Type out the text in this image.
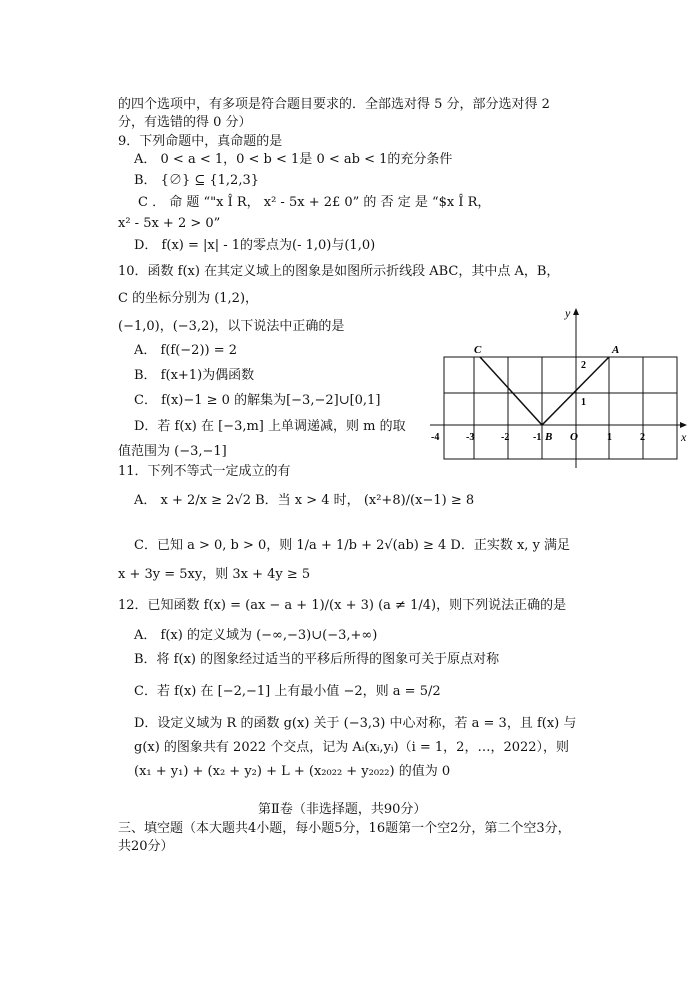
的四个选项中，有多项是符合题目要求的．全部选对得 5 分，部分选对得 2
分，有选错的得 0 分）
9．下列命题中，真命题的是
A． 0 < a < 1，0 < b < 1是 0 < ab < 1的充分条件
B． {∅} ⊆ {1,2,3}
C ． 命 题 “"x Î R， x² - 5x + 2£ 0” 的 否 定 是 “$x Î R，
x² - 5x + 2 > 0”
D． f(x) = |x| - 1的零点为(- 1,0)与(1,0)
10．函数 f(x) 在其定义域上的图象是如图所示折线段 ABC，其中点 A，B，
C 的坐标分别为 (1,2)，
(−1,0)，(−3,2)，以下说法中正确的是
A． f(f(−2)) = 2
B． f(x+1)为偶函数
C． f(x)−1 ≥ 0 的解集为[−3,−2]∪[0,1]
D．若 f(x) 在 [−3,m] 上单调递减，则 m 的取
值范围为 (−3,−1]
11．下列不等式一定成立的有
A． x + 2/x ≥ 2√2 B．当 x > 4 时， (x²+8)/(x−1) ≥ 8
C．已知 a > 0, b > 0，则 1/a + 1/b + 2√(ab) ≥ 4 D．正实数 x, y 满足
x + 3y = 5xy，则 3x + 4y ≥ 5
12．已知函数 f(x) = (ax − a + 1)/(x + 3) (a ≠ 1/4)，则下列说法正确的是
A． f(x) 的定义域为 (−∞,−3)∪(−3,+∞)
B．将 f(x) 的图象经过适当的平移后所得的图象可关于原点对称
C．若 f(x) 在 [−2,−1] 上有最小值 −2，则 a = 5/2
D．设定义域为 R 的函数 g(x) 关于 (−3,3) 中心对称，若 a = 3，且 f(x) 与
g(x) 的图象共有 2022 个交点，记为 Aᵢ(xᵢ,yᵢ)（i = 1，2，…，2022），则
(x₁ + y₁) + (x₂ + y₂) + L + (x₂₀₂₂ + y₂₀₂₂) 的值为 0
第Ⅱ卷（非选择题，共90分）
三、填空题（本大题共4小题，每小题5分，16题第一个空2分，第二个空3分，
共20分）
x
y
O
-4	-3	-2 -1	1	2
1
2
A
B
C
